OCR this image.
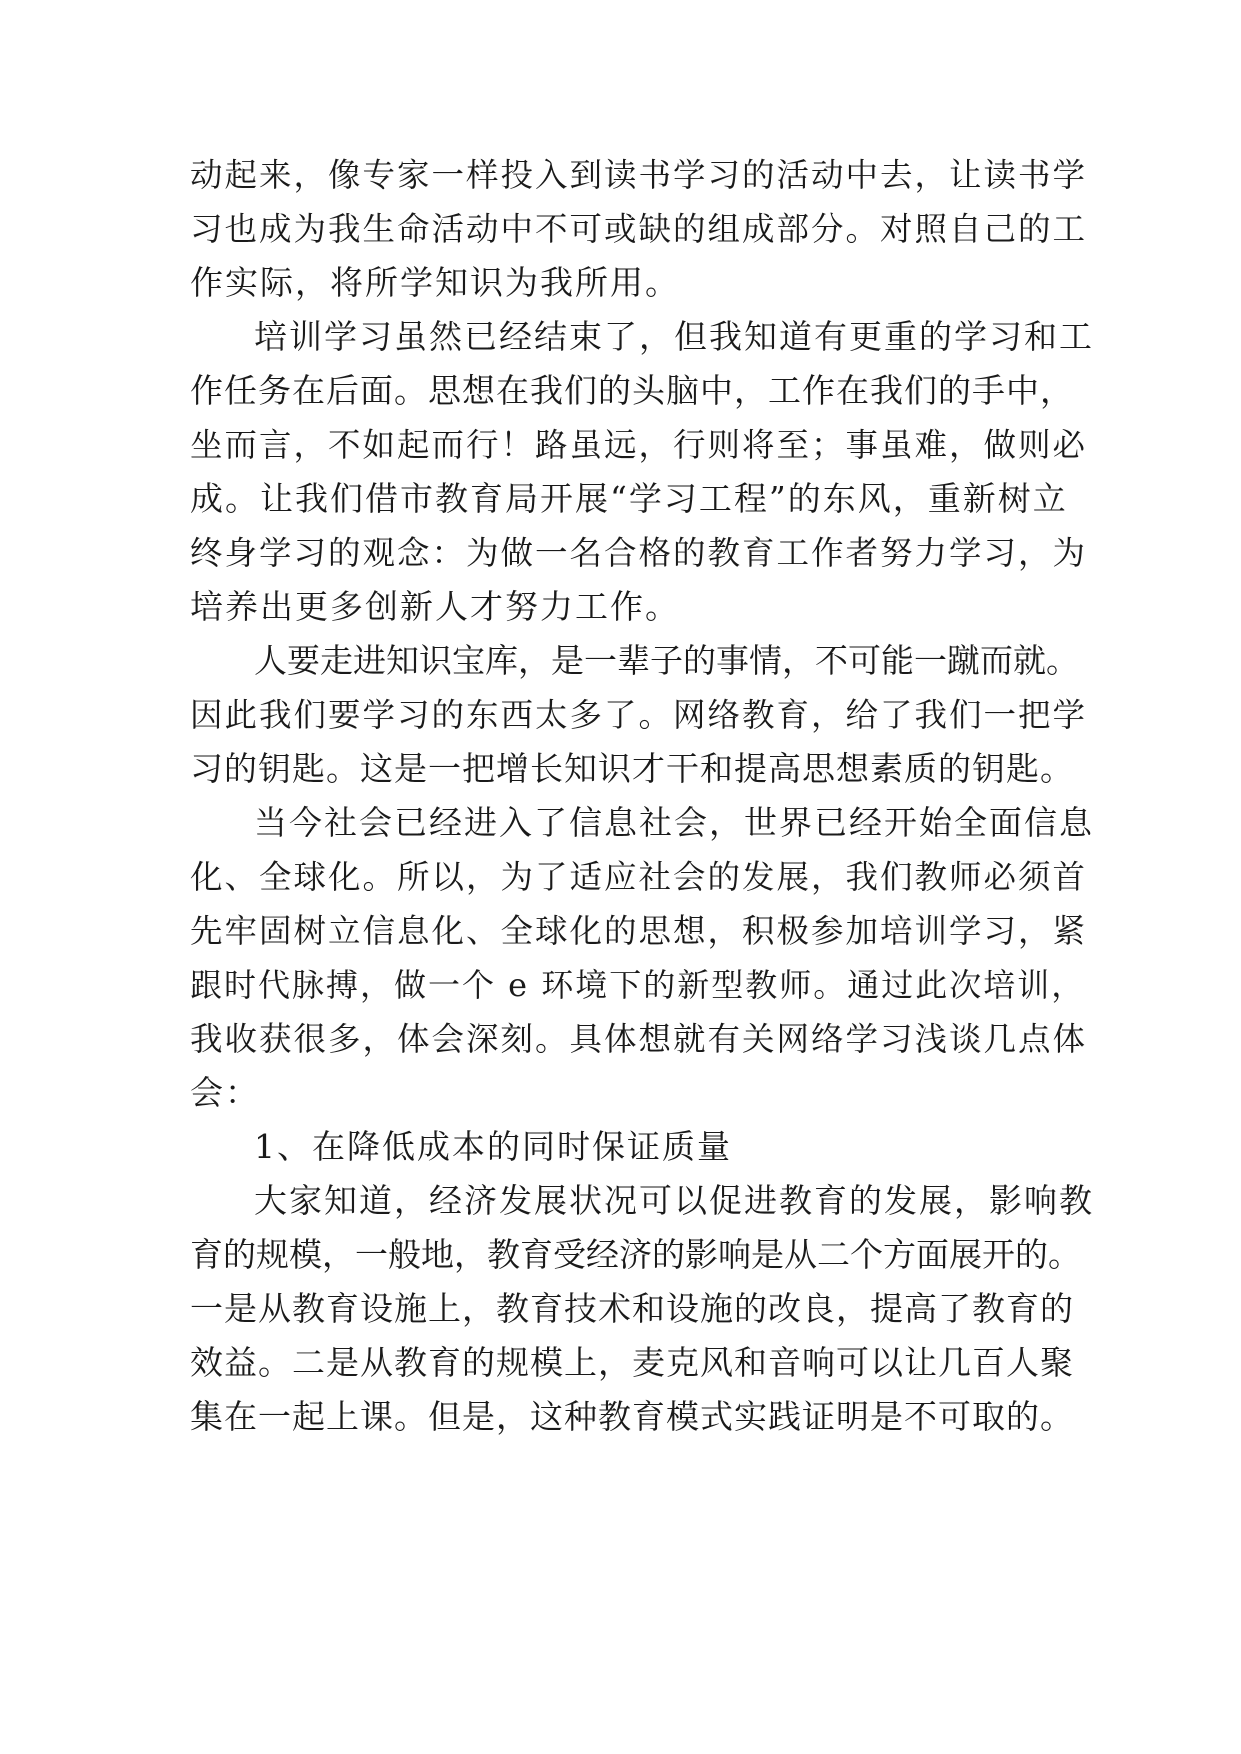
动起来，像专家一样投入到读书学习的活动中去，让读书学
习也成为我生命活动中不可或缺的组成部分。对照自己的工
作实际，将所学知识为我所用。
培训学习虽然已经结束了，但我知道有更重的学习和工
作任务在后面。思想在我们的头脑中，工作在我们的手中，
坐而言，不如起而行！路虽远，行则将至；事虽难，做则必
成。让我们借市教育局开展“学习工程”的东风，重新树立
终身学习的观念：为做一名合格的教育工作者努力学习，为
培养出更多创新人才努力工作。
人要走进知识宝库，是一辈子的事情，不可能一蹴而就。
因此我们要学习的东西太多了。网络教育，给了我们一把学
习的钥匙。这是一把增长知识才干和提高思想素质的钥匙。
当今社会已经进入了信息社会，世界已经开始全面信息
化、全球化。所以，为了适应社会的发展，我们教师必须首
先牢固树立信息化、全球化的思想，积极参加培训学习，紧
跟时代脉搏，做一个 e 环境下的新型教师。通过此次培训，
我收获很多，体会深刻。具体想就有关网络学习浅谈几点体
会：
1、在降低成本的同时保证质量
大家知道，经济发展状况可以促进教育的发展，影响教
育的规模，一般地，教育受经济的影响是从二个方面展开的。
一是从教育设施上，教育技术和设施的改良，提高了教育的
效益。二是从教育的规模上，麦克风和音响可以让几百人聚
集在一起上课。但是，这种教育模式实践证明是不可取的。
